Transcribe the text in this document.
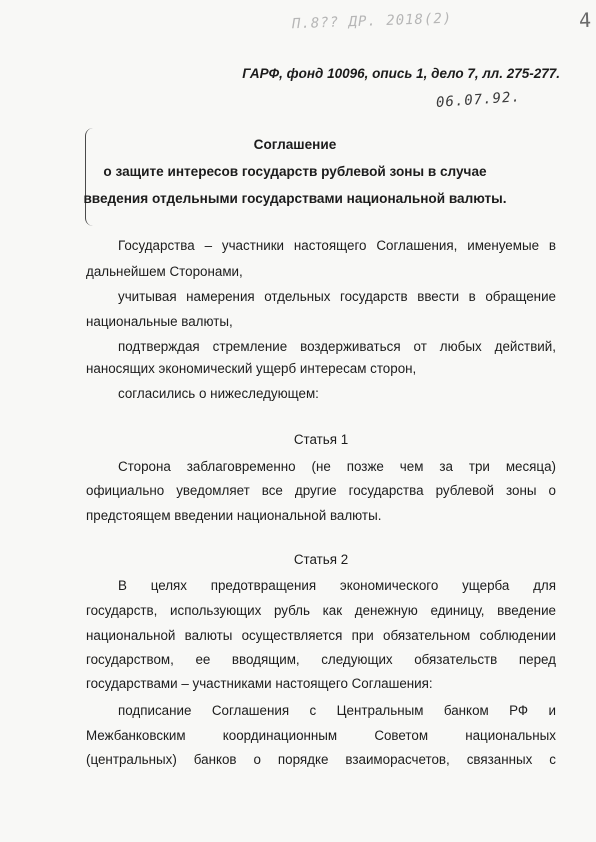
П.8?? ДР. 2018(2)	4
ГАРФ, фонд 10096, опись 1, дело 7, лл. 275-277.
06.07.92.
Соглашение
о защите интересов государств рублевой зоны в случае
введения отдельными государствами национальной валюты.
Государства – участники настоящего Соглашения, именуемые в
дальнейшем Сторонами,
учитывая намерения отдельных государств ввести в обращение
национальные валюты,
подтверждая стремление воздерживаться от любых действий,
наносящих экономический ущерб интересам сторон,
согласились о нижеследующем:
Статья 1
Сторона заблаговременно (не позже чем за три месяца)
официально уведомляет все другие государства рублевой зоны о
предстоящем введении национальной валюты.
Статья 2
В целях предотвращения экономического ущерба для
государств, использующих рубль как денежную единицу, введение
национальной валюты осуществляется при обязательном соблюдении
государством, ее вводящим, следующих обязательств перед
государствами – участниками настоящего Соглашения:
подписание Соглашения с Центральным банком РФ и
Межбанковским координационным Советом национальных
(центральных) банков о порядке взаиморасчетов, связанных с
